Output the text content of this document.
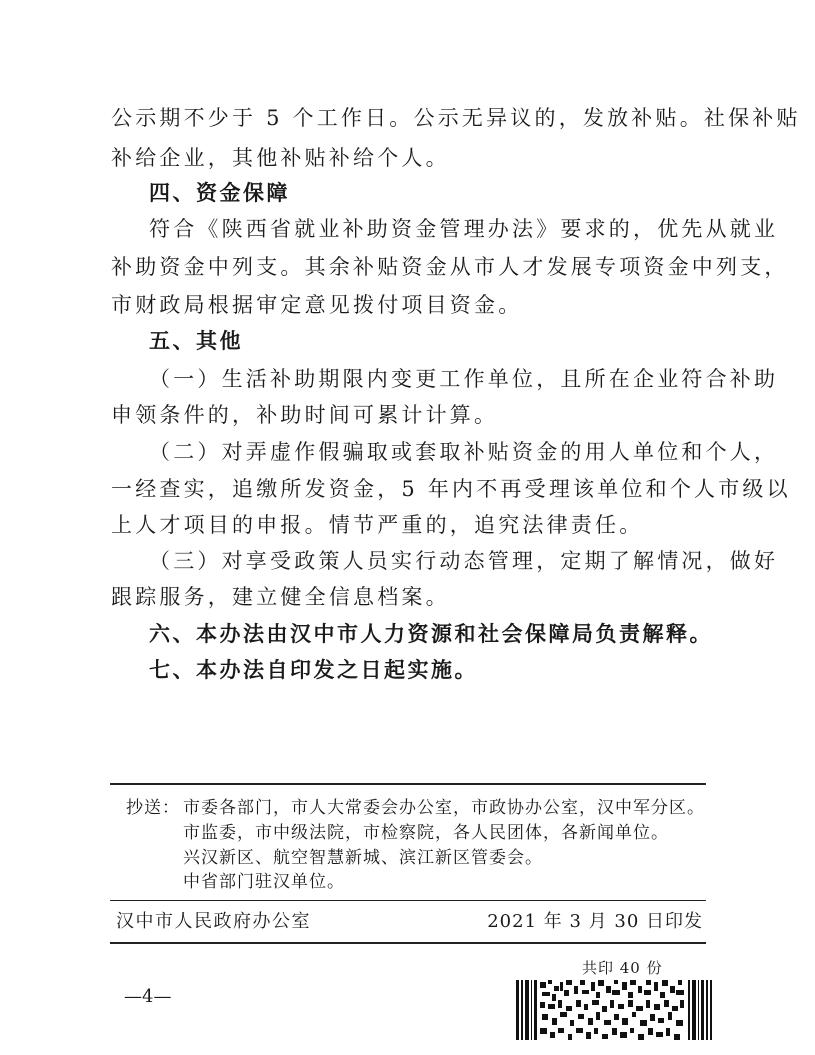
公示期不少于 5 个工作日。公示无异议的，发放补贴。社保补贴
补给企业，其他补贴补给个人。
四、资金保障
符合《陕西省就业补助资金管理办法》要求的，优先从就业
补助资金中列支。其余补贴资金从市人才发展专项资金中列支，
市财政局根据审定意见拨付项目资金。
五、其他
（一）生活补助期限内变更工作单位，且所在企业符合补助
申领条件的，补助时间可累计计算。
（二）对弄虚作假骗取或套取补贴资金的用人单位和个人，
一经查实，追缴所发资金，5 年内不再受理该单位和个人市级以
上人才项目的申报。情节严重的，追究法律责任。
（三）对享受政策人员实行动态管理，定期了解情况，做好
跟踪服务，建立健全信息档案。
六、本办法由汉中市人力资源和社会保障局负责解释。
七、本办法自印发之日起实施。
抄送： 市委各部门，市人大常委会办公室，市政协办公室，汉中军分区。
市监委，市中级法院，市检察院，各人民团体，各新闻单位。
兴汉新区、航空智慧新城、滨江新区管委会。
中省部门驻汉单位。
汉中市人民政府办公室	2021 年 3 月 30 日印发
共印 40 份
—4—
